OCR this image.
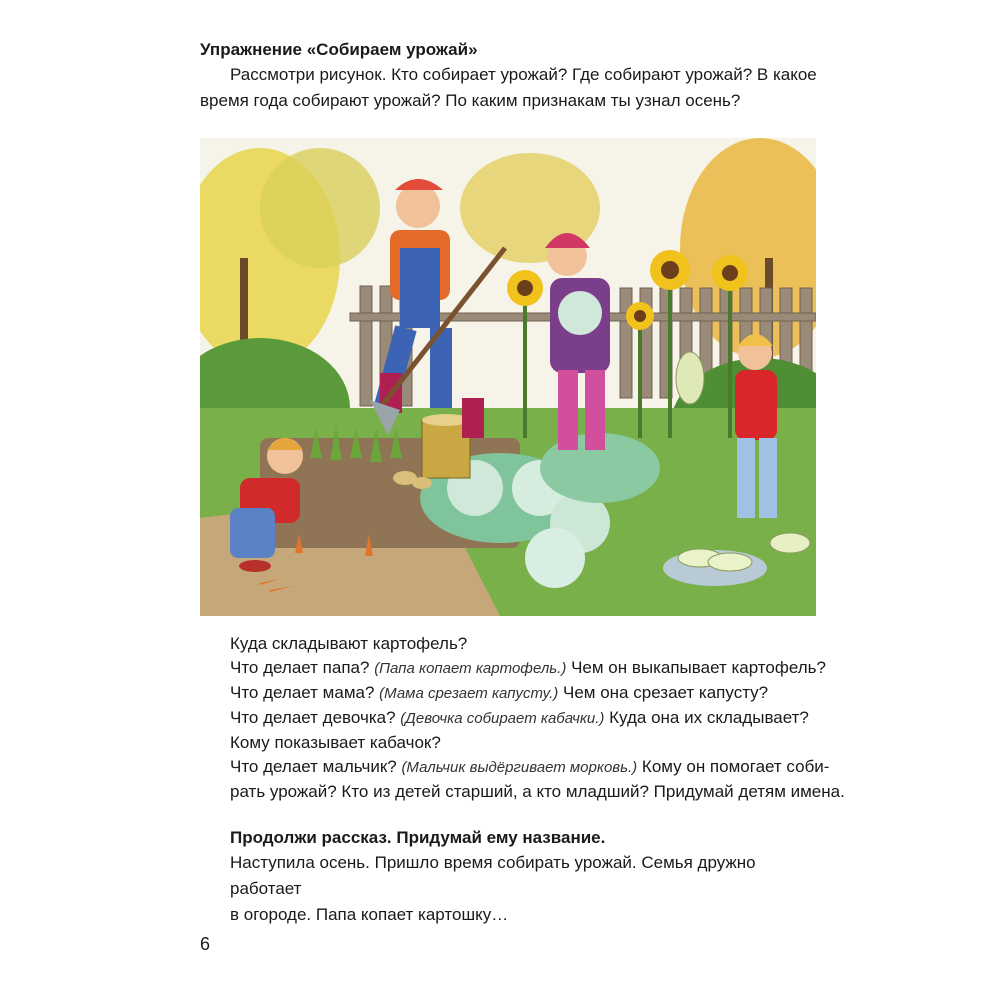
Упражнение «Собираем урожай»
Рассмотри рисунок. Кто собирает урожай? Где собирают урожай? В какое
время года собирают урожай? По каким признакам ты узнал осень?
Куда складывают картофель?
Что делает папа? (Папа копает картофель.) Чем он выкапывает картофель?
Что делает мама? (Мама срезает капусту.) Чем она срезает капусту?
Что делает девочка? (Девочка собирает кабачки.) Куда она их складывает?
Кому показывает кабачок?
Что делает мальчик? (Мальчик выдёргивает морковь.) Кому он помогает соби-
рать урожай? Кто из детей старший, а кто младший? Придумай детям имена.
Продолжи рассказ. Придумай ему название.
Наступила осень. Пришло время собирать урожай. Семья дружно работает
в огороде. Папа копает картошку…
6
